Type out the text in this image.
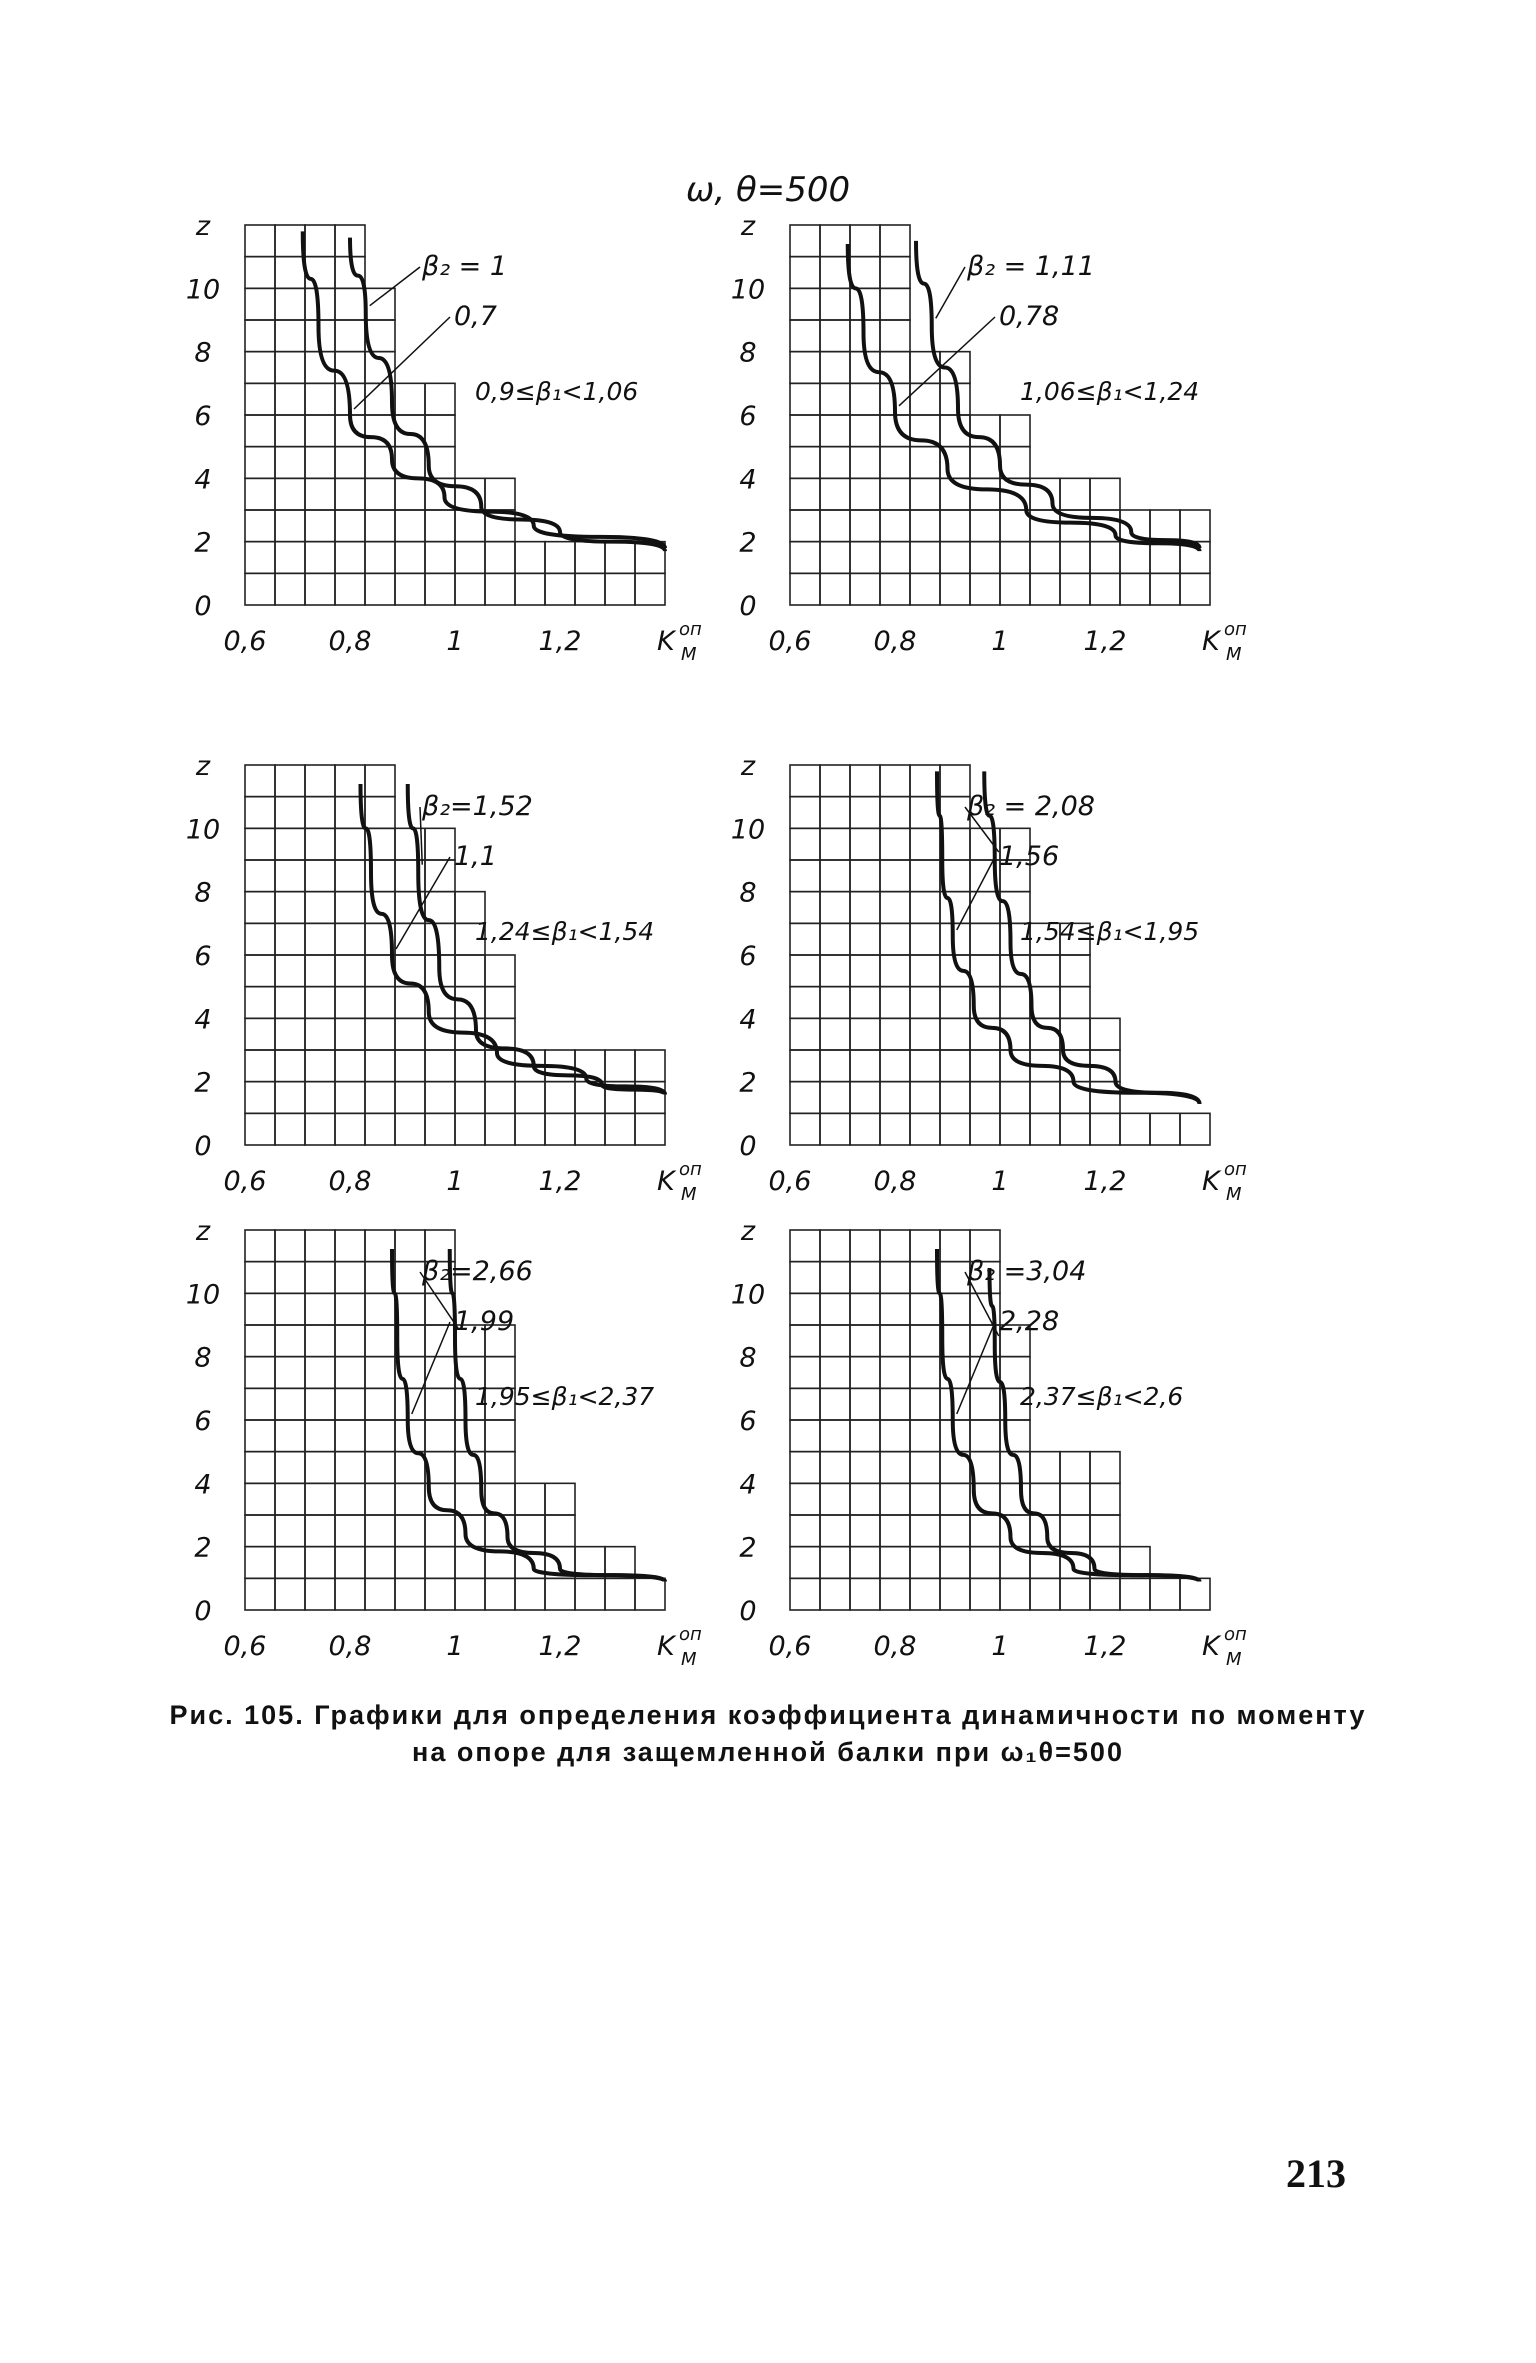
ω, θ=500
0
2
4
6
8
10
z
0,6 0,8	1	1,2	K оп
М
β₂ = 1
0,7
0,9≤β₁<1,06
0
2
4
6
8
10
z
0,6 0,8	1	1,2	K оп
М
β₂ = 1,11
0,78
1,06≤β₁<1,24
0
2
4
6
8
10
z
0,6 0,8	1	1,2	K оп
М
β₂=1,52
1,1
1,24≤β₁<1,54
0
2
4
6
8
10
z
0,6 0,8	1	1,2	K оп
М
β₂ = 2,08
1,56
1,54≤β₁<1,95
0
2
4
6
8
10
z
0,6 0,8	1	1,2	K оп
М
β₂=2,66
1,99
1,95≤β₁<2,37
0
2
4
6
8
10
z
0,6 0,8	1	1,2	K оп
М
β₂ =3,04
2,28
2,37≤β₁<2,6
Рис. 105. Графики для определения коэффициента динамичности по моменту
на опоре для защемленной балки при ω₁θ=500
213
